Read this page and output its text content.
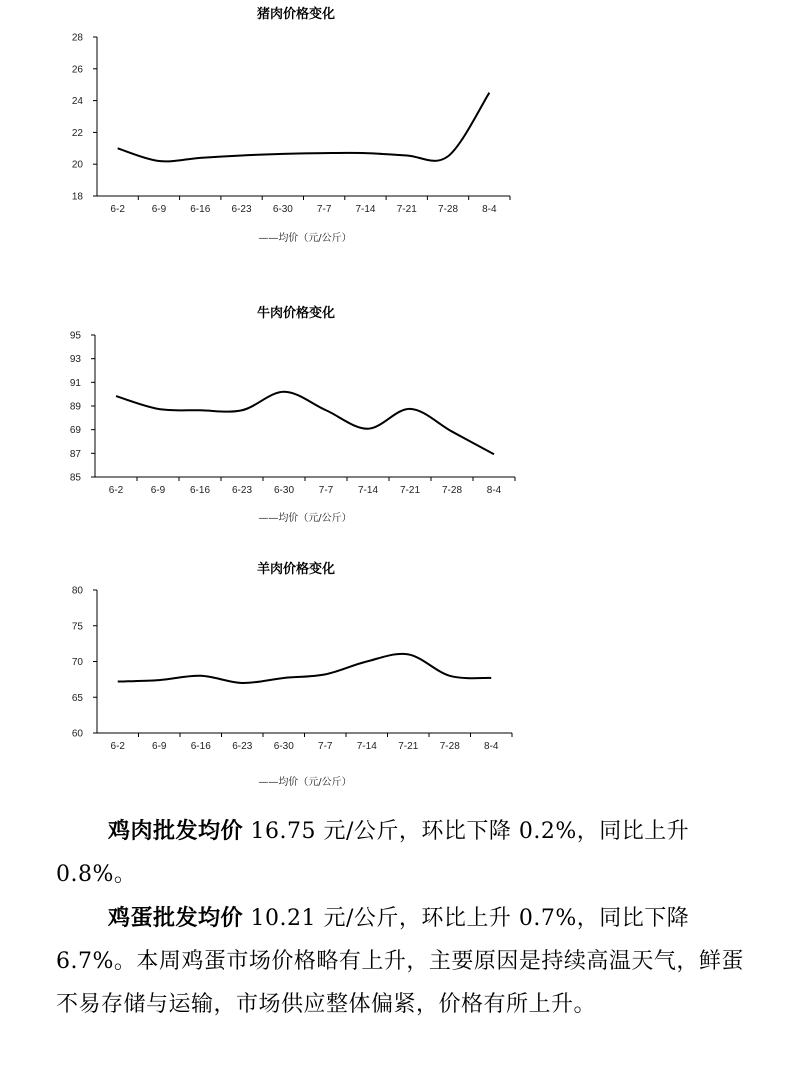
猪肉价格变化
18
20
22
24
26
28
6-2	6-9 6-16 6-23 6-30 7-7 7-14 7-21 7-28 8-4
——均价（元/公斤）
牛肉价格变化
85
87
69
89
91
93
95
6-2	6-9 6-16 6-23 6-30 7-7 7-14 7-21 7-28 8-4
——均价（元/公斤）
羊肉价格变化
60
65
70
75
80
6-2	6-9 6-16 6-23 6-30 7-7 7-14 7-21 7-28 8-4
——均价（元/公斤）
鸡肉批发均价 16.75 元/公斤，环比下降 0.2%，同比上升 0.8%。
鸡蛋批发均价 10.21 元/公斤，环比上升 0.7%，同比下降 6.7%。本周鸡蛋市场价格略有上升，主要原因是持续高温天气，鲜蛋不易存储与运输，市场供应整体偏紧，价格有所上升。
